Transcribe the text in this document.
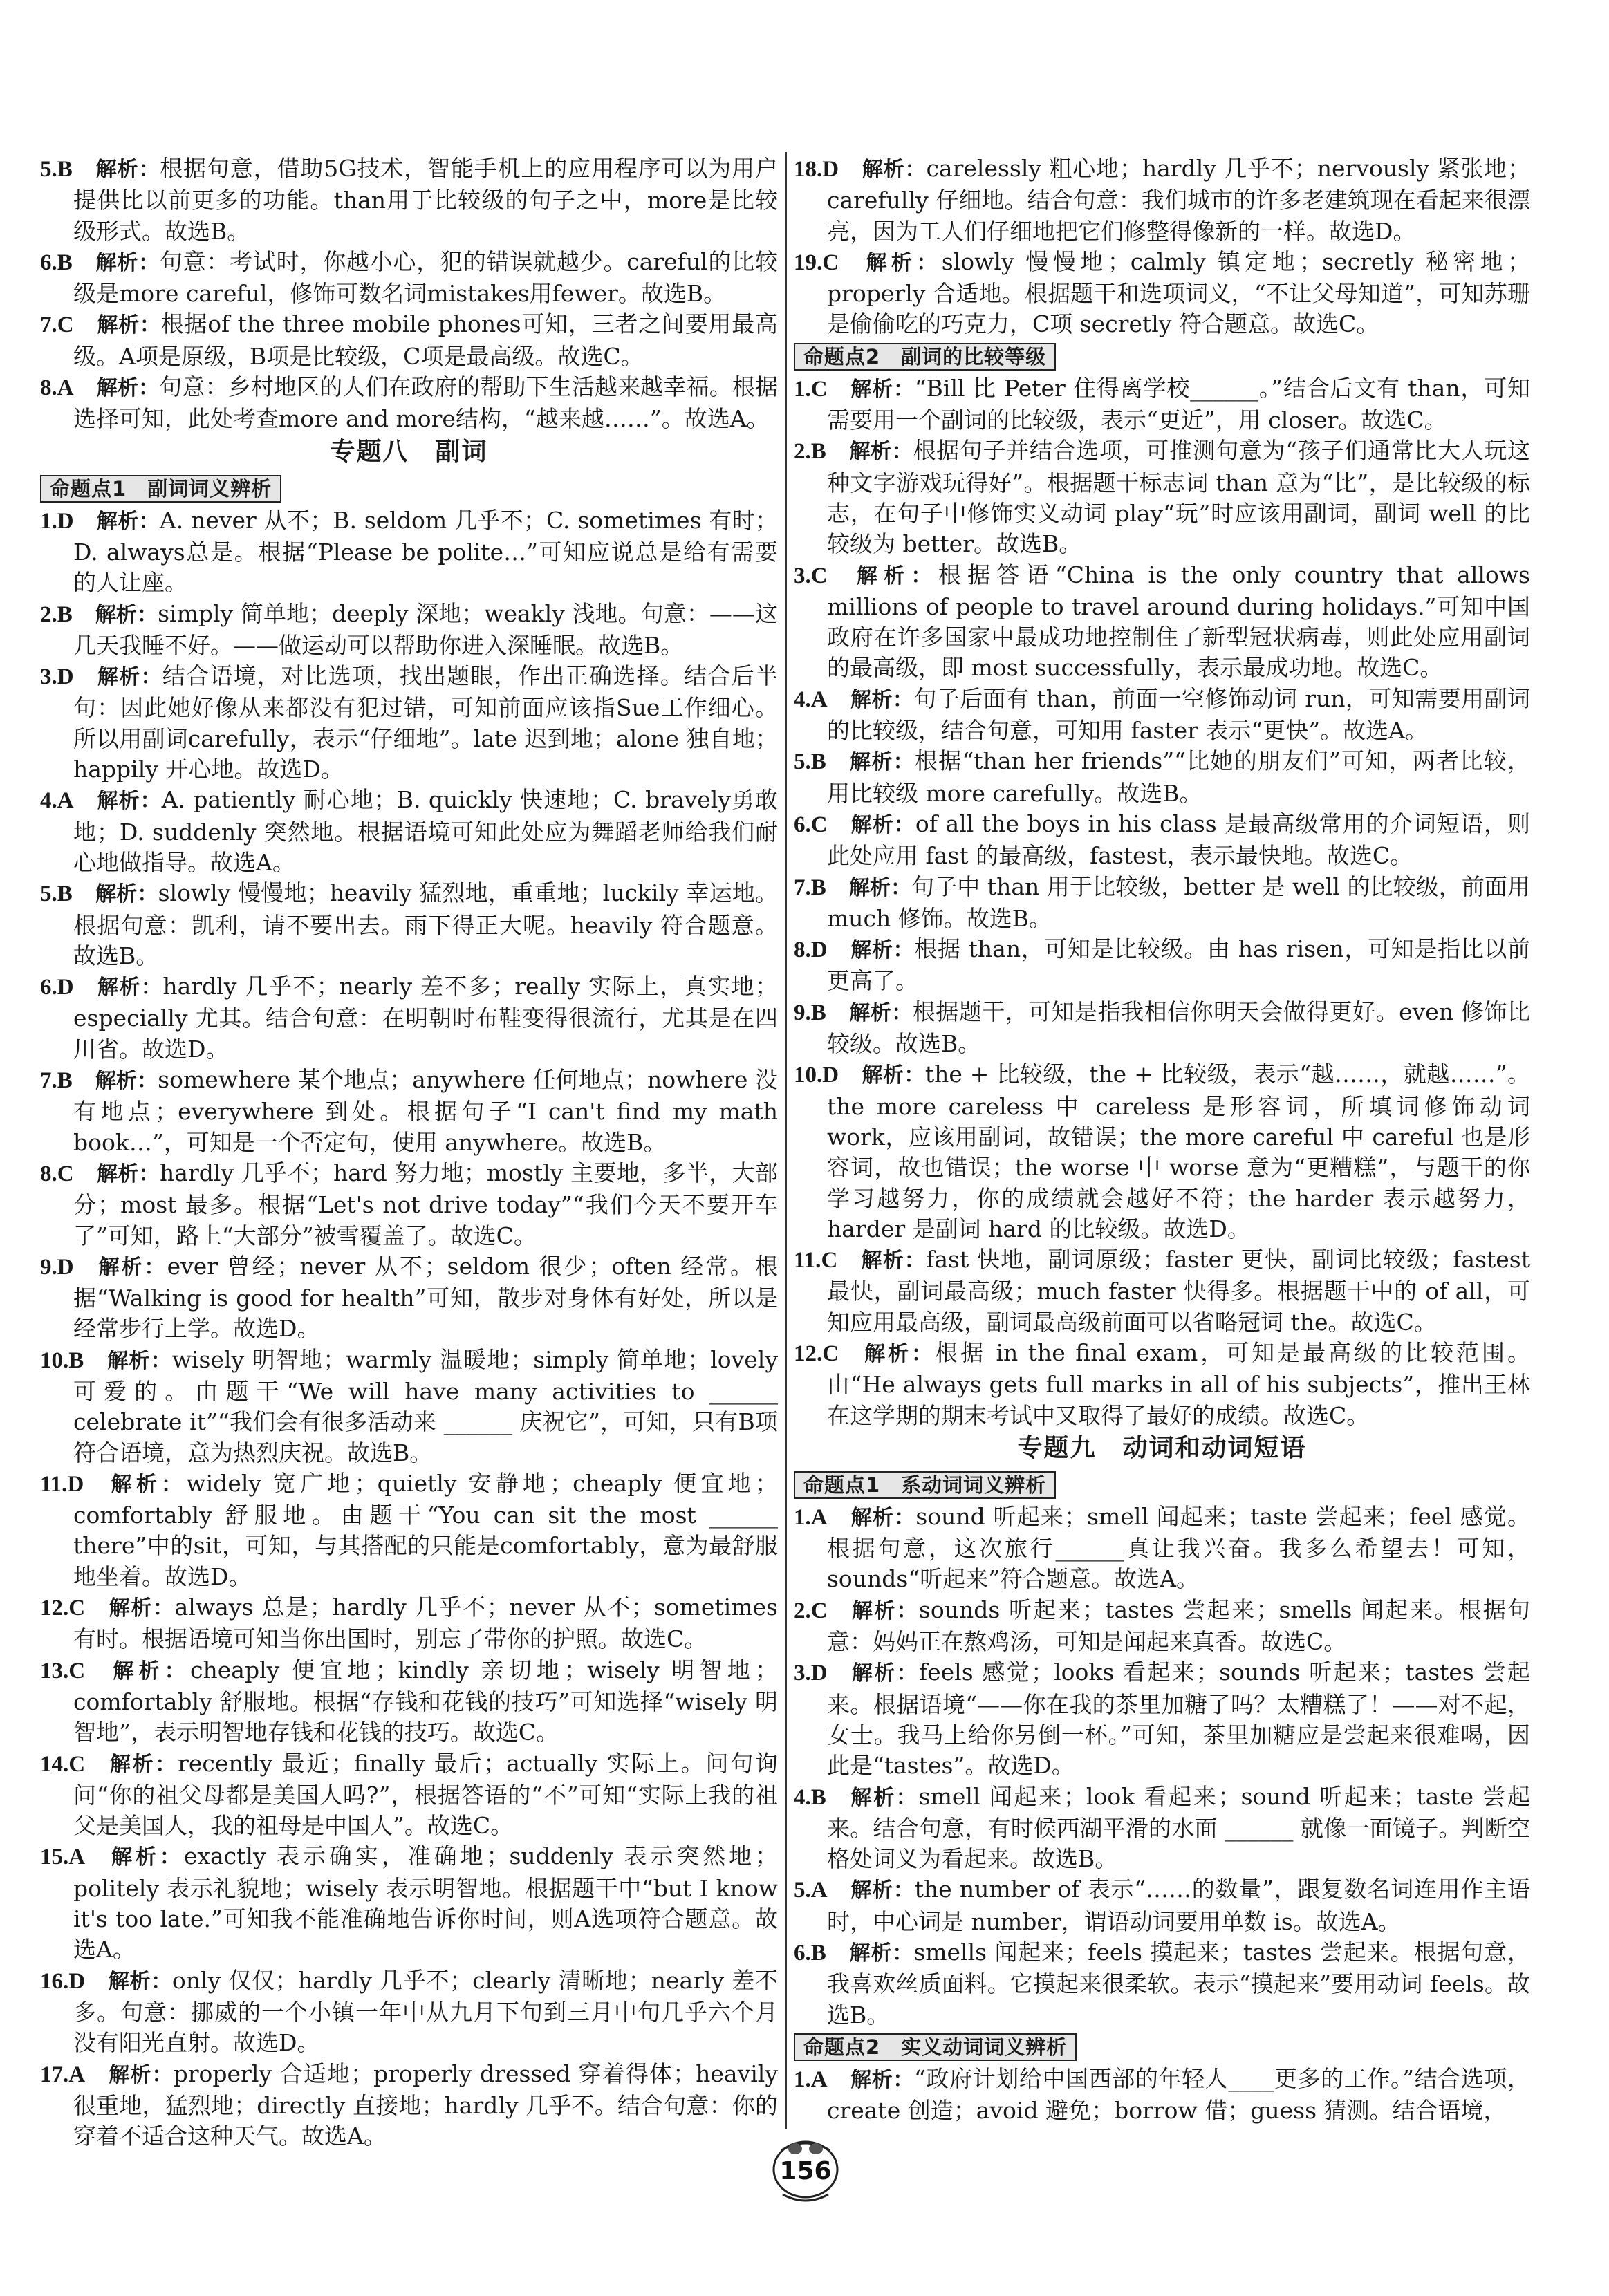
5.B  解析：根据句意，借助5G技术，智能手机上的应用程序可以为用户提供比以前更多的功能。than用于比较级的句子之中，more是比较级形式。故选B。
6.B  解析：句意：考试时，你越小心，犯的错误就越少。careful的比较级是more careful，修饰可数名词mistakes用fewer。故选B。
7.C  解析：根据of the three mobile phones可知，三者之间要用最高级。A项是原级，B项是比较级，C项是最高级。故选C。
8.A  解析：句意：乡村地区的人们在政府的帮助下生活越来越幸福。根据选择可知，此处考查more and more结构，“越来越……”。故选A。
专题八　副词
命题点1　副词词义辨析
1.D  解析：A. never 从不；B. seldom 几乎不；C. sometimes 有时；D. always总是。根据“Please be polite…”可知应说总是给有需要的人让座。
2.B  解析：simply 简单地；deeply 深地；weakly 浅地。句意：——这几天我睡不好。——做运动可以帮助你进入深睡眠。故选B。
3.D  解析：结合语境，对比选项，找出题眼，作出正确选择。结合后半句：因此她好像从来都没有犯过错，可知前面应该指Sue工作细心。所以用副词carefully，表示“仔细地”。late 迟到地；alone 独自地；happily 开心地。故选D。
4.A  解析：A. patiently 耐心地；B. quickly 快速地；C. bravely勇敢地；D. suddenly 突然地。根据语境可知此处应为舞蹈老师给我们耐心地做指导。故选A。
5.B  解析：slowly 慢慢地；heavily 猛烈地，重重地；luckily 幸运地。根据句意：凯利，请不要出去。雨下得正大呢。heavily 符合题意。故选B。
6.D  解析：hardly 几乎不；nearly 差不多；really 实际上，真实地；especially 尤其。结合句意：在明朝时布鞋变得很流行，尤其是在四川省。故选D。
7.B  解析：somewhere 某个地点；anywhere 任何地点；nowhere 没有地点；everywhere 到处。根据句子“I can't find my math book…”，可知是一个否定句，使用 anywhere。故选B。
8.C  解析：hardly 几乎不；hard 努力地；mostly 主要地，多半，大部分；most 最多。根据“Let's not drive today”“我们今天不要开车了”可知，路上“大部分”被雪覆盖了。故选C。
9.D  解析：ever 曾经；never 从不；seldom 很少；often 经常。根据“Walking is good for health”可知，散步对身体有好处，所以是经常步行上学。故选D。
10.B  解析：wisely 明智地；warmly 温暖地；simply 简单地；lovely 可爱的。由题干“We will have many activities to ______ celebrate it”“我们会有很多活动来 ______ 庆祝它”，可知，只有B项符合语境，意为热烈庆祝。故选B。
11.D  解析：widely 宽广地；quietly 安静地；cheaply 便宜地；comfortably 舒服地。由题干“You can sit the most ______ there”中的sit，可知，与其搭配的只能是comfortably，意为最舒服地坐着。故选D。
12.C  解析：always 总是；hardly 几乎不；never 从不；sometimes 有时。根据语境可知当你出国时，别忘了带你的护照。故选C。
13.C  解析：cheaply 便宜地；kindly 亲切地；wisely 明智地；comfortably 舒服地。根据“存钱和花钱的技巧”可知选择“wisely 明智地”，表示明智地存钱和花钱的技巧。故选C。
14.C  解析：recently 最近；finally 最后；actually 实际上。问句询问“你的祖父母都是美国人吗?”，根据答语的“不”可知“实际上我的祖父是美国人，我的祖母是中国人”。故选C。
15.A  解析：exactly 表示确实，准确地；suddenly 表示突然地；politely 表示礼貌地；wisely 表示明智地。根据题干中“but I know it's too late.”可知我不能准确地告诉你时间，则A选项符合题意。故选A。
16.D  解析：only 仅仅；hardly 几乎不；clearly 清晰地；nearly 差不多。句意：挪威的一个小镇一年中从九月下旬到三月中旬几乎六个月没有阳光直射。故选D。
17.A  解析：properly 合适地；properly dressed 穿着得体；heavily 很重地，猛烈地；directly 直接地；hardly 几乎不。结合句意：你的穿着不适合这种天气。故选A。
18.D  解析：carelessly 粗心地；hardly 几乎不；nervously 紧张地；carefully 仔细地。结合句意：我们城市的许多老建筑现在看起来很漂亮，因为工人们仔细地把它们修整得像新的一样。故选D。
19.C  解析：slowly 慢慢地；calmly 镇定地；secretly 秘密地；properly 合适地。根据题干和选项词义，“不让父母知道”，可知苏珊是偷偷吃的巧克力，C项 secretly 符合题意。故选C。
命题点2　副词的比较等级
1.C  解析：“Bill 比 Peter 住得离学校______。”结合后文有 than，可知需要用一个副词的比较级，表示“更近”，用 closer。故选C。
2.B  解析：根据句子并结合选项，可推测句意为“孩子们通常比大人玩这种文字游戏玩得好”。根据题干标志词 than 意为“比”，是比较级的标志，在句子中修饰实义动词 play“玩”时应该用副词，副词 well 的比较级为 better。故选B。
3.C  解析：根据答语“China is the only country that allows millions of people to travel around during holidays.”可知中国政府在许多国家中最成功地控制住了新型冠状病毒，则此处应用副词的最高级，即 most successfully，表示最成功地。故选C。
4.A  解析：句子后面有 than，前面一空修饰动词 run，可知需要用副词的比较级，结合句意，可知用 faster 表示“更快”。故选A。
5.B  解析：根据“than her friends”“比她的朋友们”可知，两者比较，用比较级 more carefully。故选B。
6.C  解析：of all the boys in his class 是最高级常用的介词短语，则此处应用 fast 的最高级，fastest，表示最快地。故选C。
7.B  解析：句子中 than 用于比较级，better 是 well 的比较级，前面用 much 修饰。故选B。
8.D  解析：根据 than，可知是比较级。由 has risen，可知是指比以前更高了。
9.B  解析：根据题干，可知是指我相信你明天会做得更好。even 修饰比较级。故选B。
10.D  解析：the + 比较级，the + 比较级，表示“越……，就越……”。the more careless 中 careless 是形容词，所填词修饰动词 work，应该用副词，故错误；the more careful 中 careful 也是形容词，故也错误；the worse 中 worse 意为“更糟糕”，与题干的你学习越努力，你的成绩就会越好不符；the harder 表示越努力，harder 是副词 hard 的比较级。故选D。
11.C  解析：fast 快地，副词原级；faster 更快，副词比较级；fastest 最快，副词最高级；much faster 快得多。根据题干中的 of all，可知应用最高级，副词最高级前面可以省略冠词 the。故选C。
12.C  解析：根据 in the final exam，可知是最高级的比较范围。由“He always gets full marks in all of his subjects”，推出王林在这学期的期末考试中又取得了最好的成绩。故选C。
专题九　动词和动词短语
命题点1　系动词词义辨析
1.A  解析：sound 听起来；smell 闻起来；taste 尝起来；feel 感觉。根据句意，这次旅行______真让我兴奋。我多么希望去！可知，sounds“听起来”符合题意。故选A。
2.C  解析：sounds 听起来；tastes 尝起来；smells 闻起来。根据句意：妈妈正在熬鸡汤，可知是闻起来真香。故选C。
3.D  解析：feels 感觉；looks 看起来；sounds 听起来；tastes 尝起来。根据语境“——你在我的茶里加糖了吗？太糟糕了！——对不起，女士。我马上给你另倒一杯。”可知，茶里加糖应是尝起来很难喝，因此是“tastes”。故选D。
4.B  解析：smell 闻起来；look 看起来；sound 听起来；taste 尝起来。结合句意，有时候西湖平滑的水面 ______ 就像一面镜子。判断空格处词义为看起来。故选B。
5.A  解析：the number of 表示“……的数量”，跟复数名词连用作主语时，中心词是 number，谓语动词要用单数 is。故选A。
6.B  解析：smells 闻起来；feels 摸起来；tastes 尝起来。根据句意，我喜欢丝质面料。它摸起来很柔软。表示“摸起来”要用动词 feels。故选B。
命题点2　实义动词词义辨析
1.A  解析：“政府计划给中国西部的年轻人____更多的工作。”结合选项，create 创造；avoid 避免；borrow 借；guess 猜测。结合语境，
156
